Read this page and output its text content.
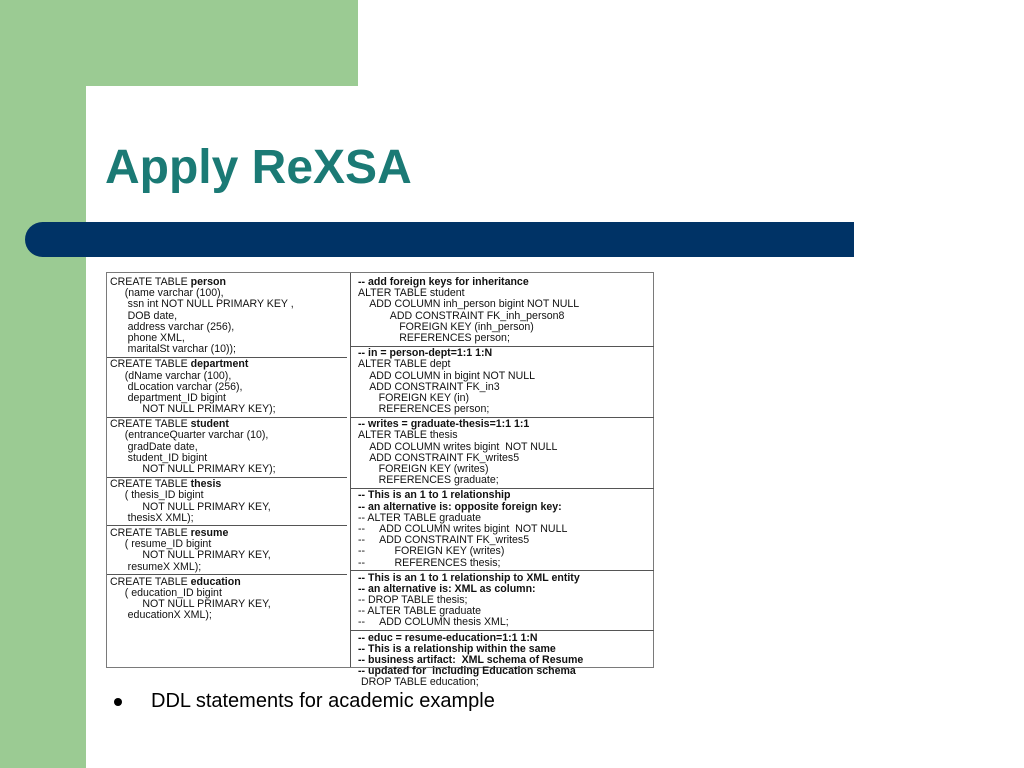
Apply ReXSA
CREATE TABLE person
(name varchar (100),
ssn int NOT NULL PRIMARY KEY ,
DOB date,
address varchar (256),
phone XML,
maritalSt varchar (10));
CREATE TABLE department
(dName varchar (100),
dLocation varchar (256),
department_ID bigint
NOT NULL PRIMARY KEY);
CREATE TABLE student
(entranceQuarter varchar (10),
gradDate date,
student_ID bigint
NOT NULL PRIMARY KEY);
CREATE TABLE thesis
( thesis_ID bigint
NOT NULL PRIMARY KEY,
thesisX XML);
CREATE TABLE resume
( resume_ID bigint
NOT NULL PRIMARY KEY,
resumeX XML);
CREATE TABLE education
( education_ID bigint
NOT NULL PRIMARY KEY,
educationX XML);
-- add foreign keys for inheritance
ALTER TABLE student
ADD COLUMN inh_person bigint NOT NULL
ADD CONSTRAINT FK_inh_person8
FOREIGN KEY (inh_person)
REFERENCES person;
-- in = person-dept=1:1 1:N
ALTER TABLE dept
ADD COLUMN in bigint NOT NULL
ADD CONSTRAINT FK_in3
FOREIGN KEY (in)
REFERENCES person;
-- writes = graduate-thesis=1:1 1:1
ALTER TABLE thesis
ADD COLUMN writes bigint  NOT NULL
ADD CONSTRAINT FK_writes5
FOREIGN KEY (writes)
REFERENCES graduate;
-- This is an 1 to 1 relationship
-- an alternative is: opposite foreign key:
-- ALTER TABLE graduate
--     ADD COLUMN writes bigint  NOT NULL
--     ADD CONSTRAINT FK_writes5
--          FOREIGN KEY (writes)
--          REFERENCES thesis;
-- This is an 1 to 1 relationship to XML entity
-- an alternative is: XML as column:
-- DROP TABLE thesis;
-- ALTER TABLE graduate
--     ADD COLUMN thesis XML;
-- educ = resume-education=1:1 1:N
-- This is a relationship within the same
-- business artifact:  XML schema of Resume
-- updated for  including Education schema
DROP TABLE education;
DDL statements for academic example
